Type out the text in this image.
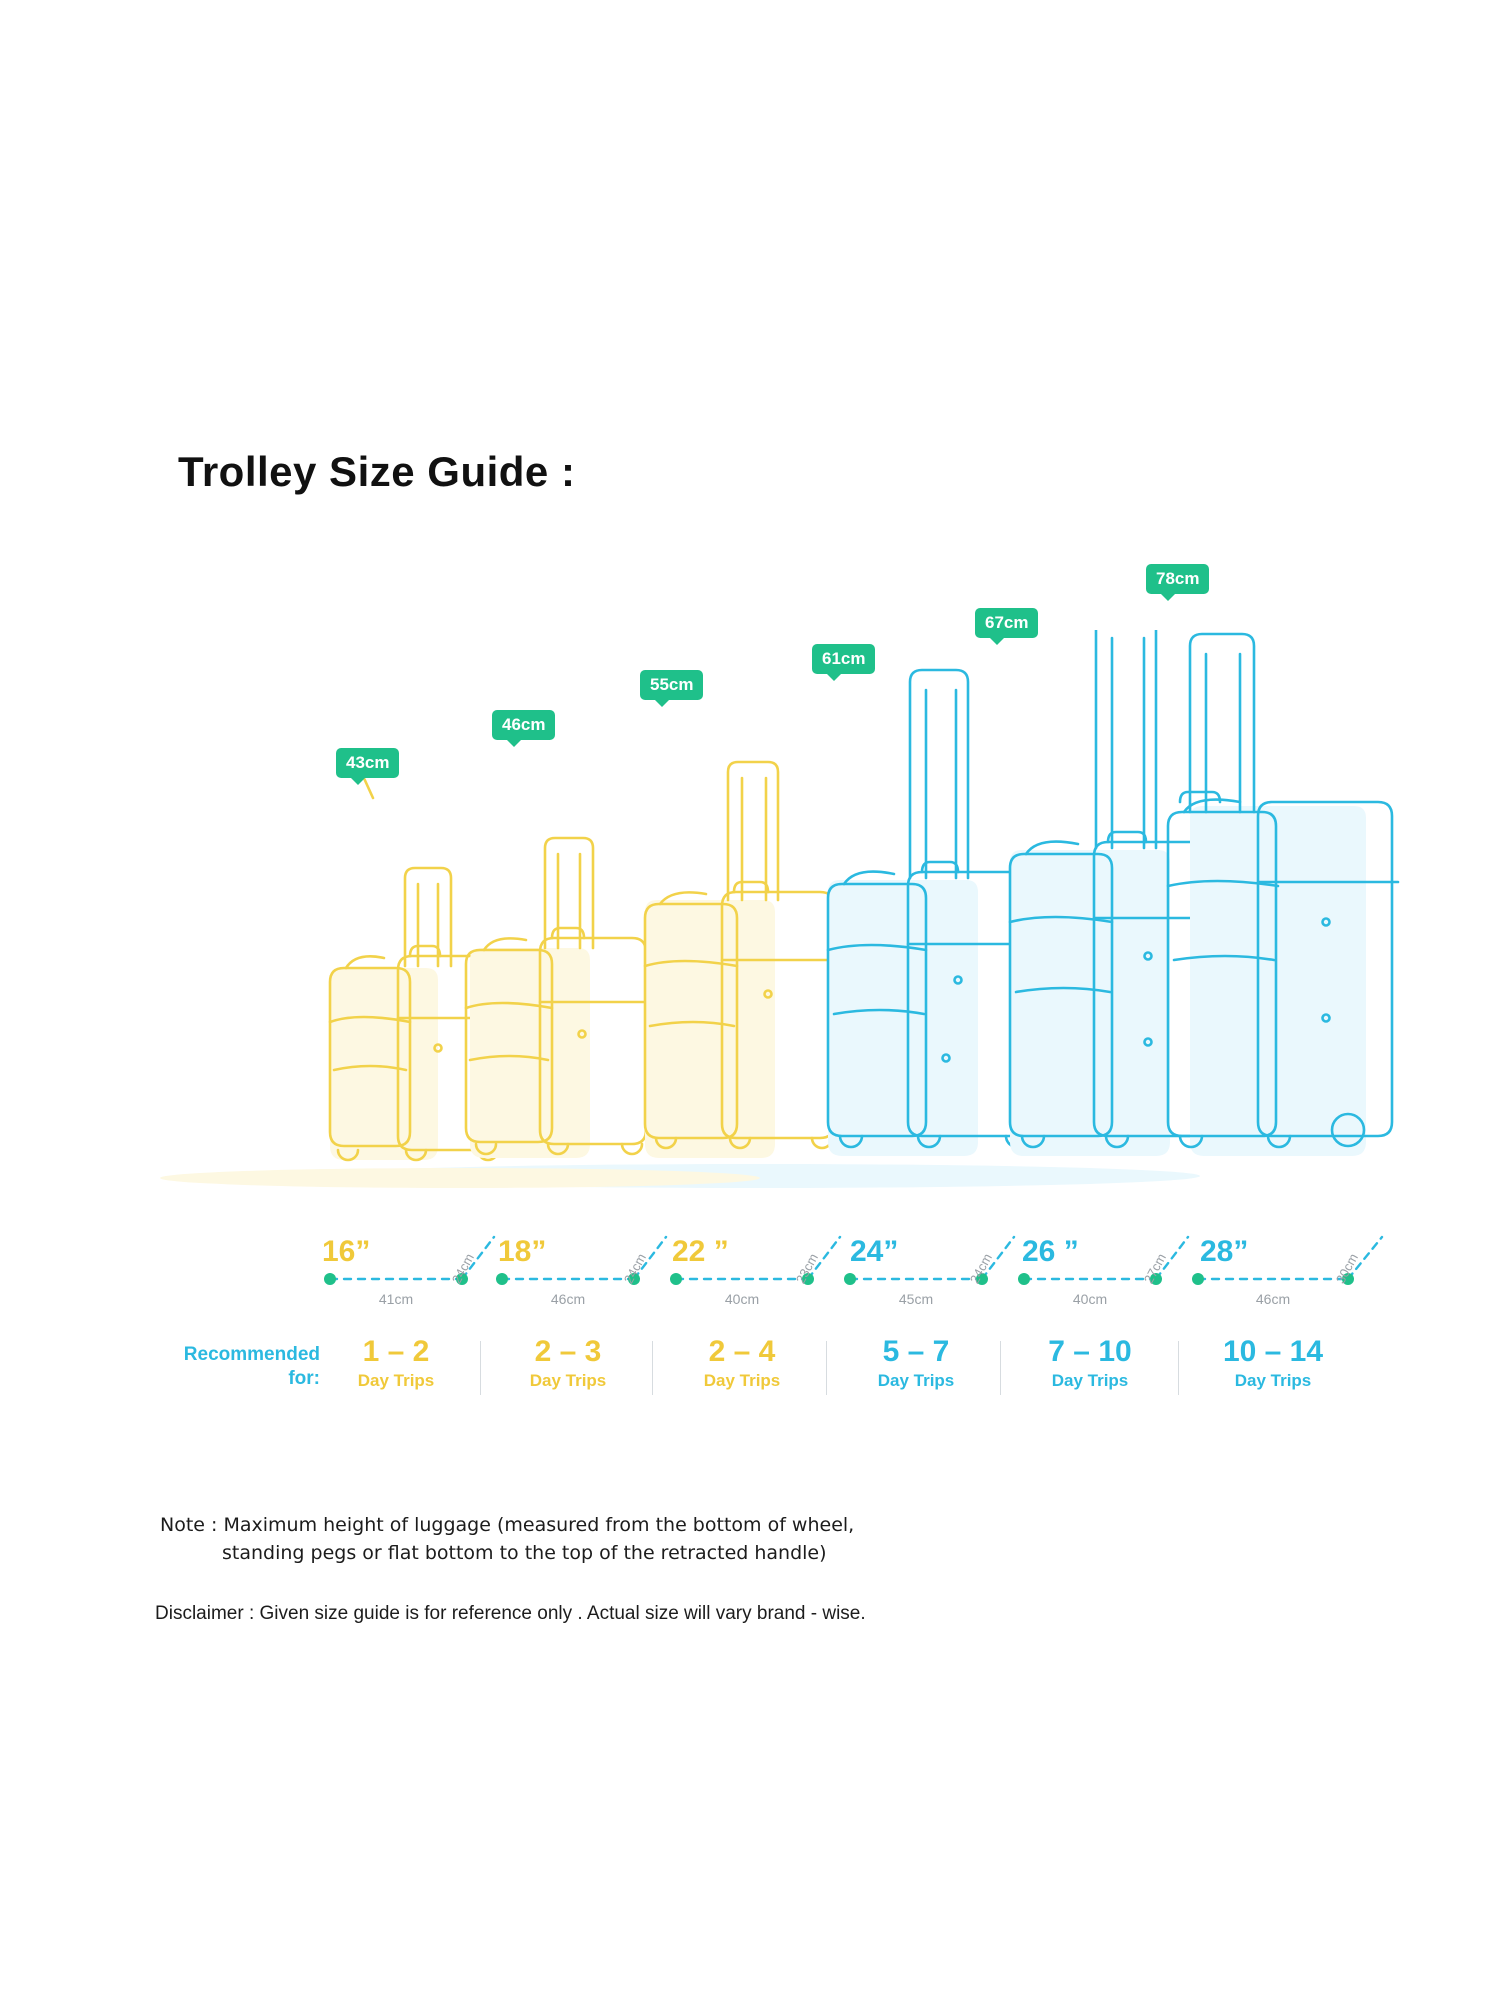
Trolley Size Guide :
43cm
46cm
55cm
61cm
67cm
78cm
16”	18”	22 ”	24”	26 ”	28”
24cm	24cm	23cm	24cm	27cm	30cm
41cm	46cm	40cm	45cm	40cm	46cm
Recommended
for:
1 – 2
Day Trips
2 – 3
Day Trips
2 – 4
Day Trips
5 – 7
Day Trips
7 – 10
Day Trips
10 – 14
Day Trips
Note : Maximum height of luggage (measured from the bottom of wheel,
standing pegs or flat bottom to the top of the retracted handle)
Disclaimer : Given size guide is for reference only . Actual size will vary brand - wise.
